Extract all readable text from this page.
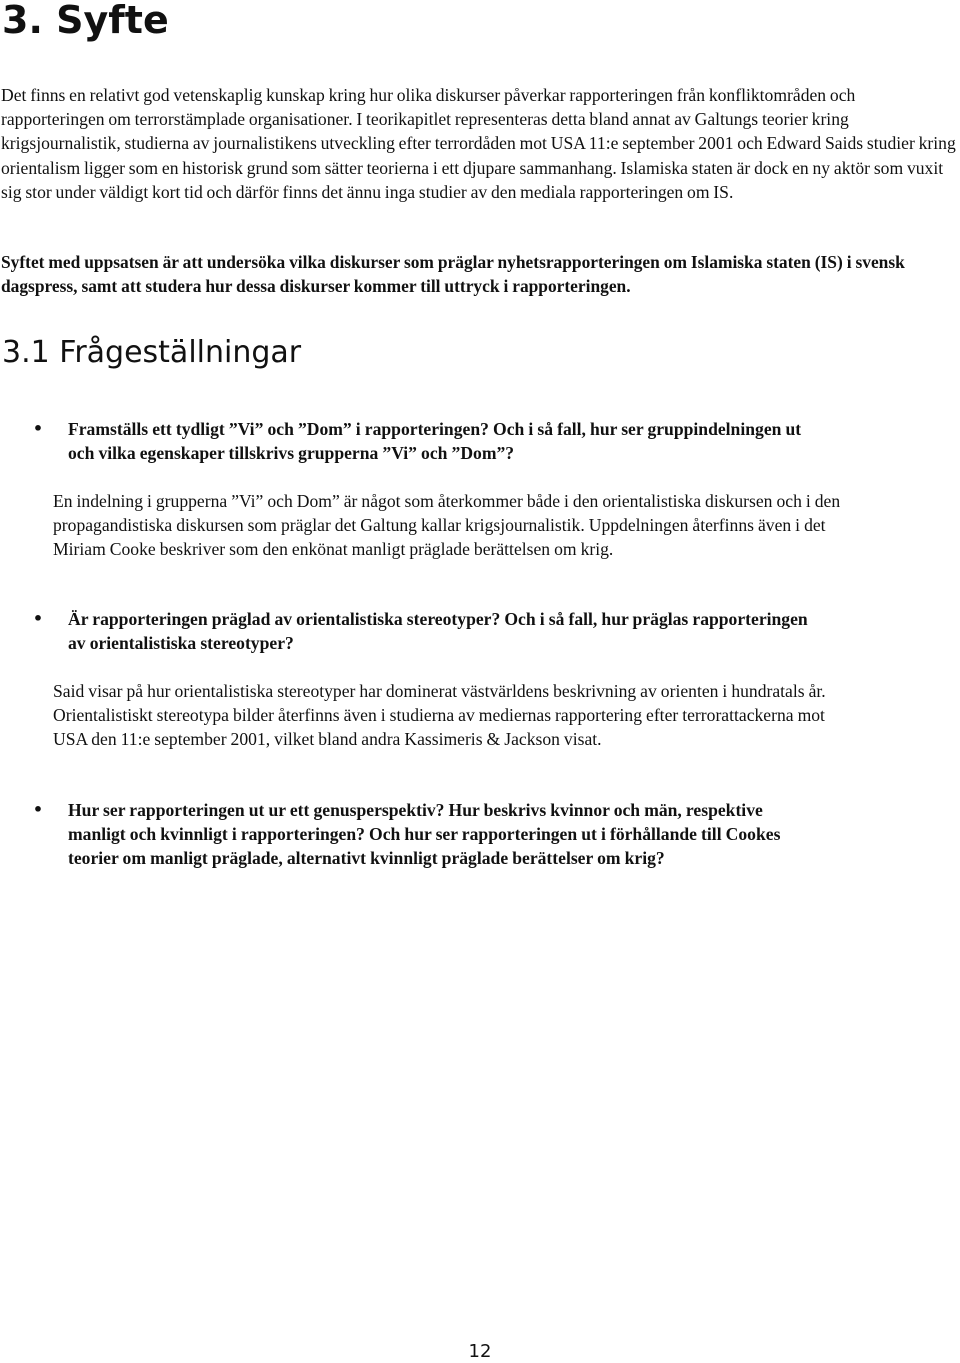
3. Syfte

Det finns en relativt god vetenskaplig kunskap kring hur olika diskurser påverkar rapporteringen från konfliktområden och rapporteringen om terrorstämplade organisationer. I teorikapitlet representeras detta bland annat av Galtungs teorier kring krigsjournalistik, studierna av journalistikens utveckling efter terrordåden mot USA 11:e september 2001 och Edward Saids studier kring orientalism ligger som en historisk grund som sätter teorierna i ett djupare sammanhang. Islamiska staten är dock en ny aktör som vuxit sig stor under väldigt kort tid och därför finns det ännu inga studier av den mediala rapporteringen om IS.

Syftet med uppsatsen är att undersöka vilka diskurser som präglar nyhetsrapporteringen om Islamiska staten (IS) i svensk dagspress, samt att studera hur dessa diskurser kommer till uttryck i rapporteringen.

3.1 Frågeställningar
• Framställs ett tydligt ”Vi” och ”Dom” i rapporteringen? Och i så fall, hur ser gruppindelningen ut och vilka egenskaper tillskrivs grupperna ”Vi” och ”Dom”?

En indelning i grupperna ”Vi” och Dom” är något som återkommer både i den orientalistiska diskursen och i den propagandistiska diskursen som präglar det Galtung kallar krigsjournalistik. Uppdelningen återfinns även i det Miriam Cooke beskriver som den enkönat manligt präglade berättelsen om krig.

• Är rapporteringen präglad av orientalistiska stereotyper? Och i så fall, hur präglas rapporteringen av orientalistiska stereotyper?

Said visar på hur orientalistiska stereotyper har dominerat västvärldens beskrivning av orienten i hundratals år. Orientalistiskt stereotypa bilder återfinns även i studierna av mediernas rapportering efter terrorattackerna mot USA den 11:e september 2001, vilket bland andra Kassimeris & Jackson visat.

• Hur ser rapporteringen ut ur ett genusperspektiv? Hur beskrivs kvinnor och män, respektive manligt och kvinnligt i rapporteringen? Och hur ser rapporteringen ut i förhållande till Cookes teorier om manligt präglade, alternativt kvinnligt präglade berättelser om krig?

12
